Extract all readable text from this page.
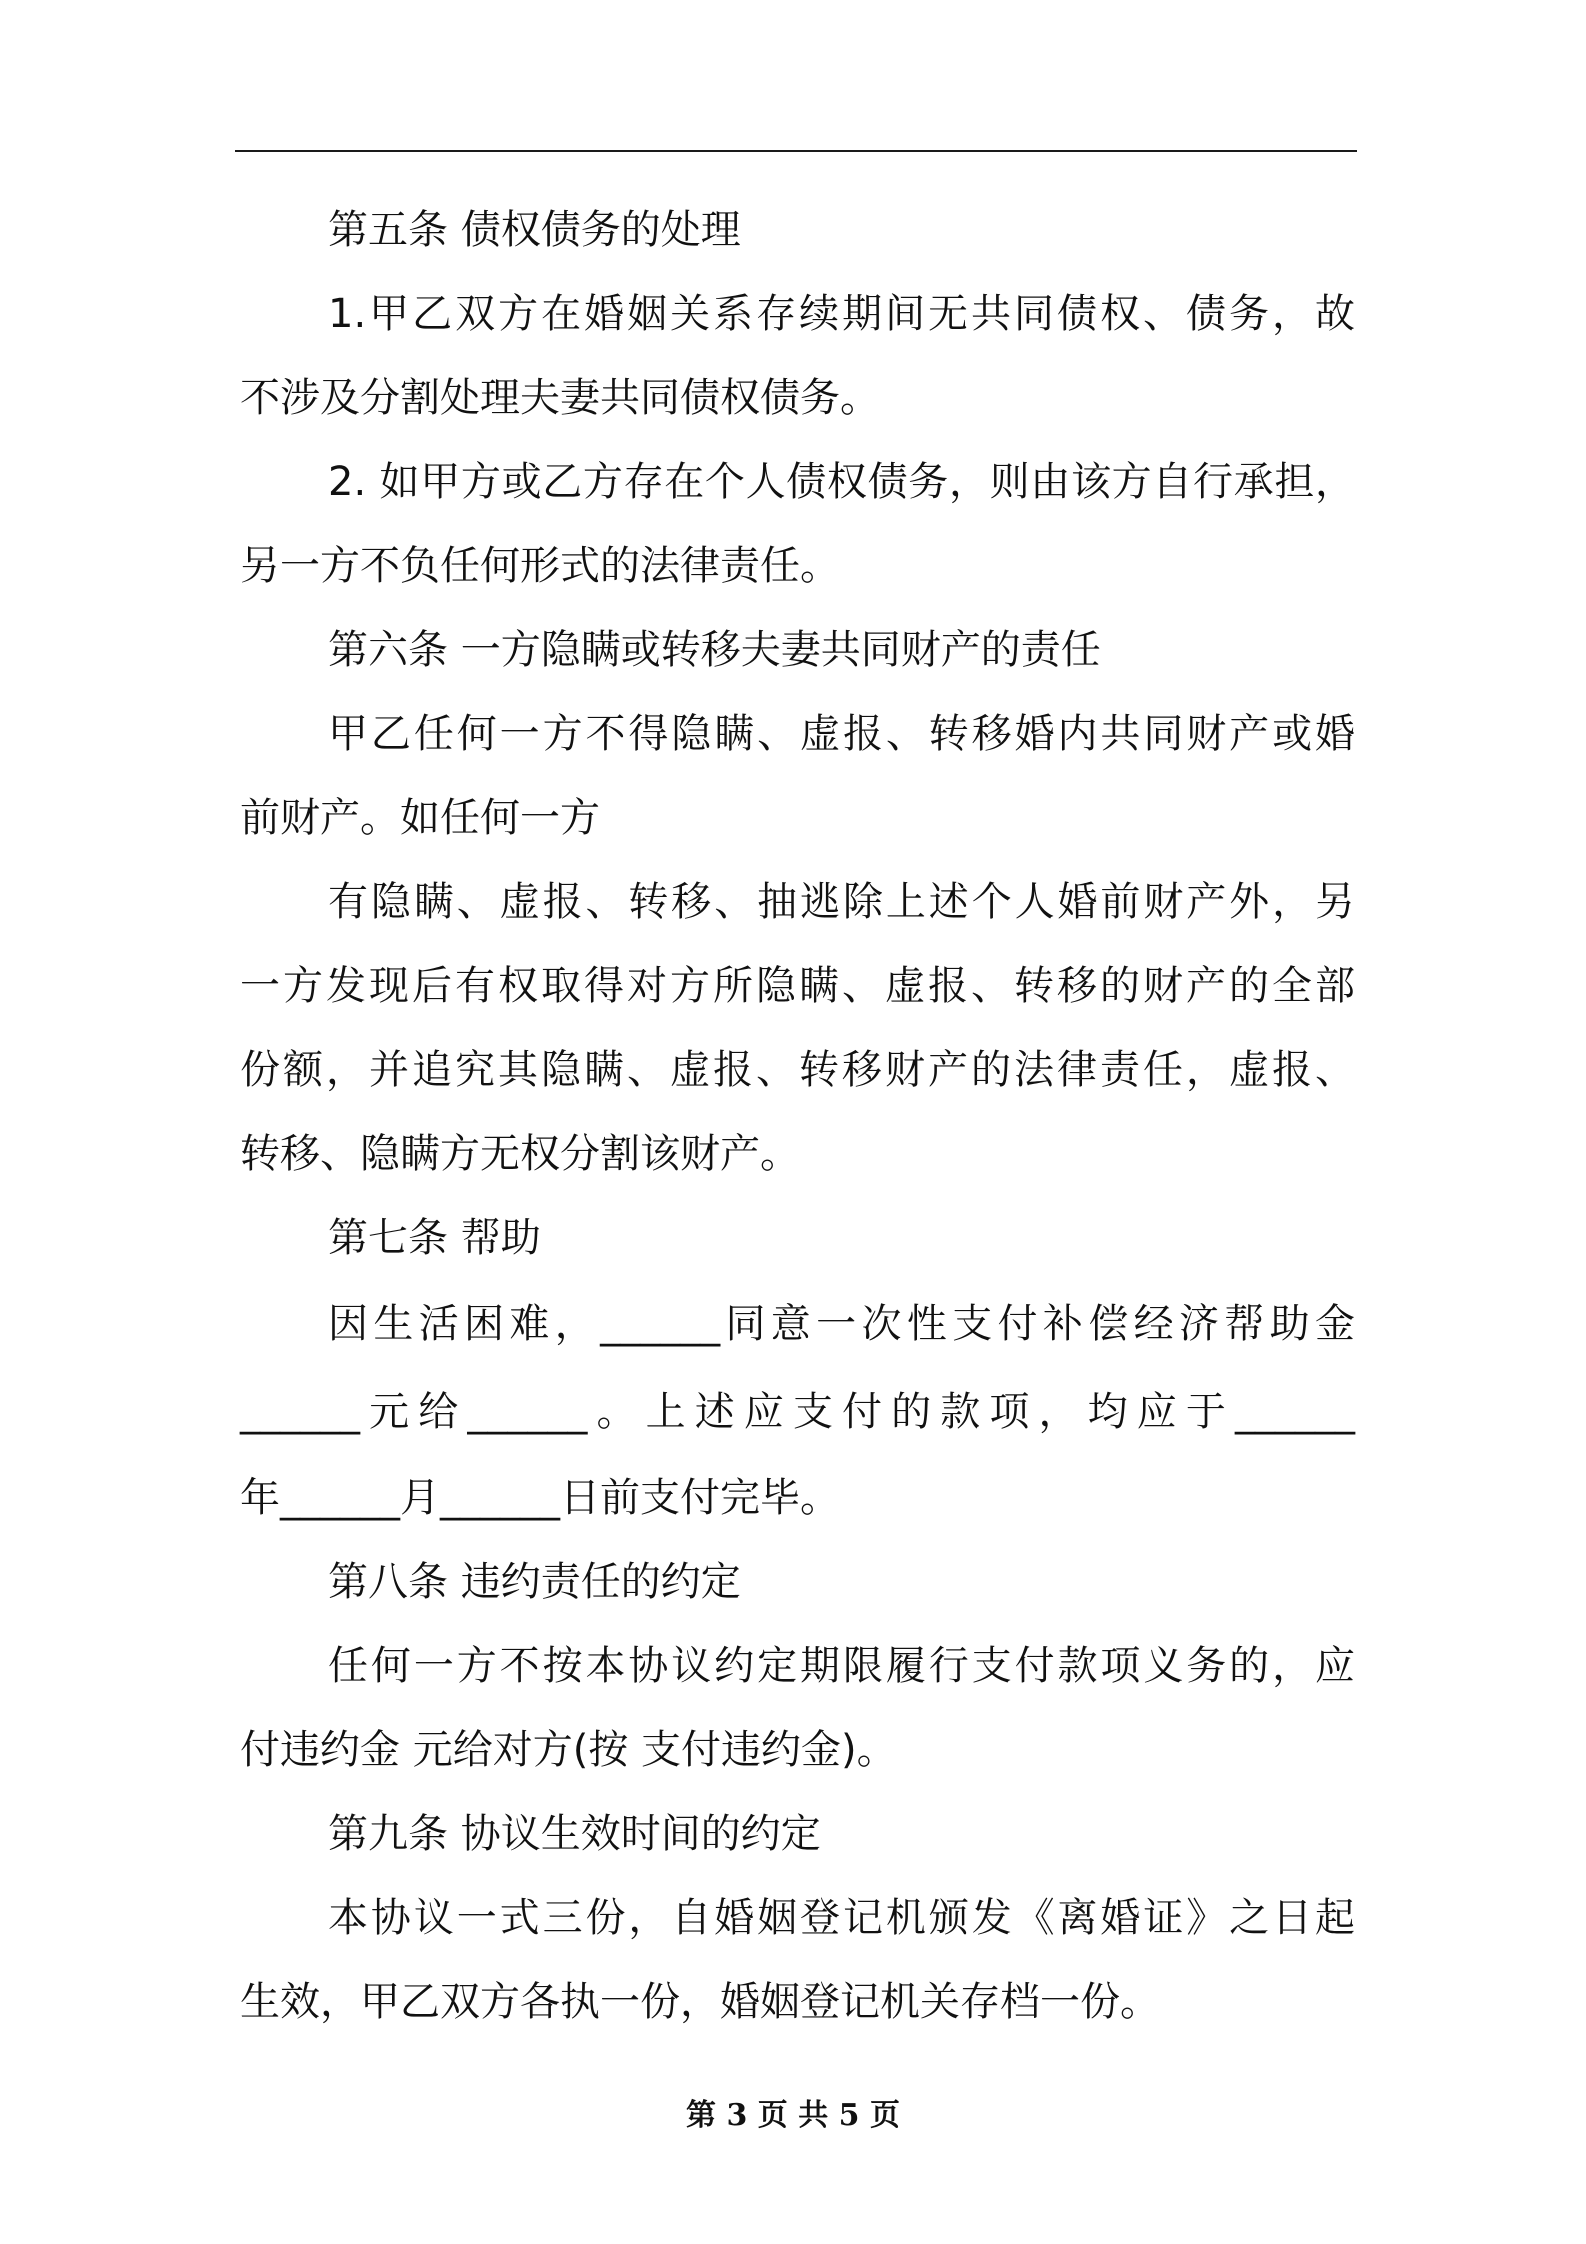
第五条 债权债务的处理
1.甲乙双方在婚姻关系存续期间无共同债权、债务，故
不涉及分割处理夫妻共同债权债务。
2. 如甲方或乙方存在个人债权债务，则由该方自行承担，
另一方不负任何形式的法律责任。
第六条 一方隐瞒或转移夫妻共同财产的责任
甲乙任何一方不得隐瞒、虚报、转移婚内共同财产或婚
前财产。如任何一方
有隐瞒、虚报、转移、抽逃除上述个人婚前财产外，另
一方发现后有权取得对方所隐瞒、虚报、转移的财产的全部
份额，并追究其隐瞒、虚报、转移财产的法律责任，虚报、
转移、隐瞒方无权分割该财产。
第七条 帮助
因生活困难，______同意一次性支付补偿经济帮助金
______元给______。上述应支付的款项，均应于______
年______月______日前支付完毕。
第八条 违约责任的约定
任何一方不按本协议约定期限履行支付款项义务的，应
付违约金 元给对方(按 支付违约金)。
第九条 协议生效时间的约定
本协议一式三份，自婚姻登记机颁发《离婚证》之日起
生效，甲乙双方各执一份，婚姻登记机关存档一份。
第 3 页 共 5 页
